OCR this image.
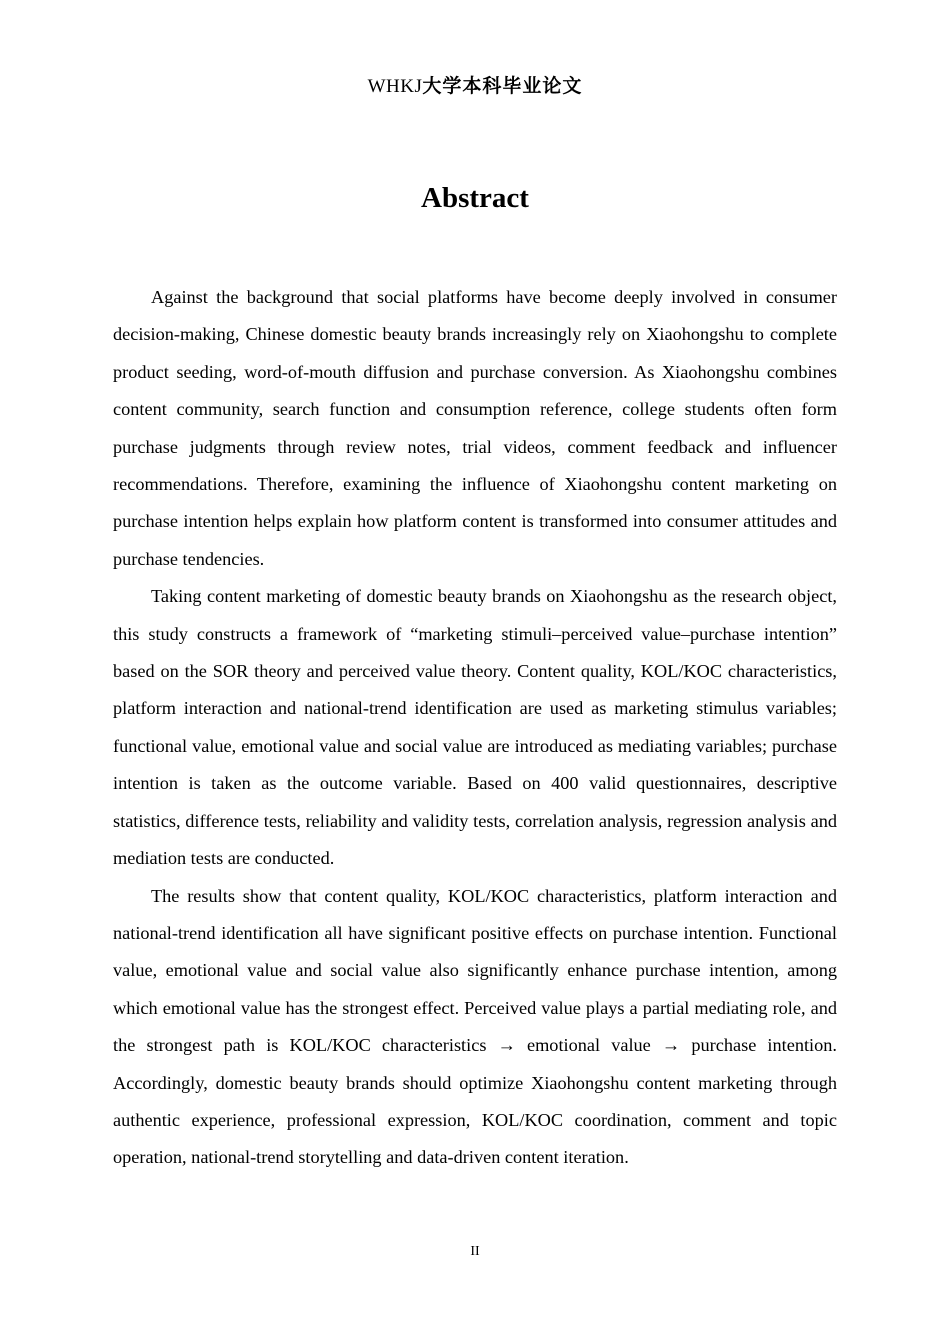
WHKJ大学本科毕业论文
Abstract

Against the background that social platforms have become deeply involved in consumer decision-making, Chinese domestic beauty brands increasingly rely on Xiaohongshu to complete product seeding, word-of-mouth diffusion and purchase conversion. As Xiaohongshu combines content community, search function and consumption reference, college students often form purchase judgments through review notes, trial videos, comment feedback and influencer recommendations. Therefore, examining the influence of Xiaohongshu content marketing on purchase intention helps explain how platform content is transformed into consumer attitudes and purchase tendencies.

Taking content marketing of domestic beauty brands on Xiaohongshu as the research object, this study constructs a framework of “marketing stimuli–perceived value–purchase intention” based on the SOR theory and perceived value theory. Content quality, KOL/KOC characteristics, platform interaction and national-trend identification are used as marketing stimulus variables; functional value, emotional value and social value are introduced as mediating variables; purchase intention is taken as the outcome variable. Based on 400 valid questionnaires, descriptive statistics, difference tests, reliability and validity tests, correlation analysis, regression analysis and mediation tests are conducted.

The results show that content quality, KOL/KOC characteristics, platform interaction and national-trend identification all have significant positive effects on purchase intention. Functional value, emotional value and social value also significantly enhance purchase intention, among which emotional value has the strongest effect. Perceived value plays a partial mediating role, and the strongest path is KOL/KOC characteristics → emotional value → purchase intention. Accordingly, domestic beauty brands should optimize Xiaohongshu content marketing through authentic experience, professional expression, KOL/KOC coordination, comment and topic operation, national-trend storytelling and data-driven content iteration.

II
